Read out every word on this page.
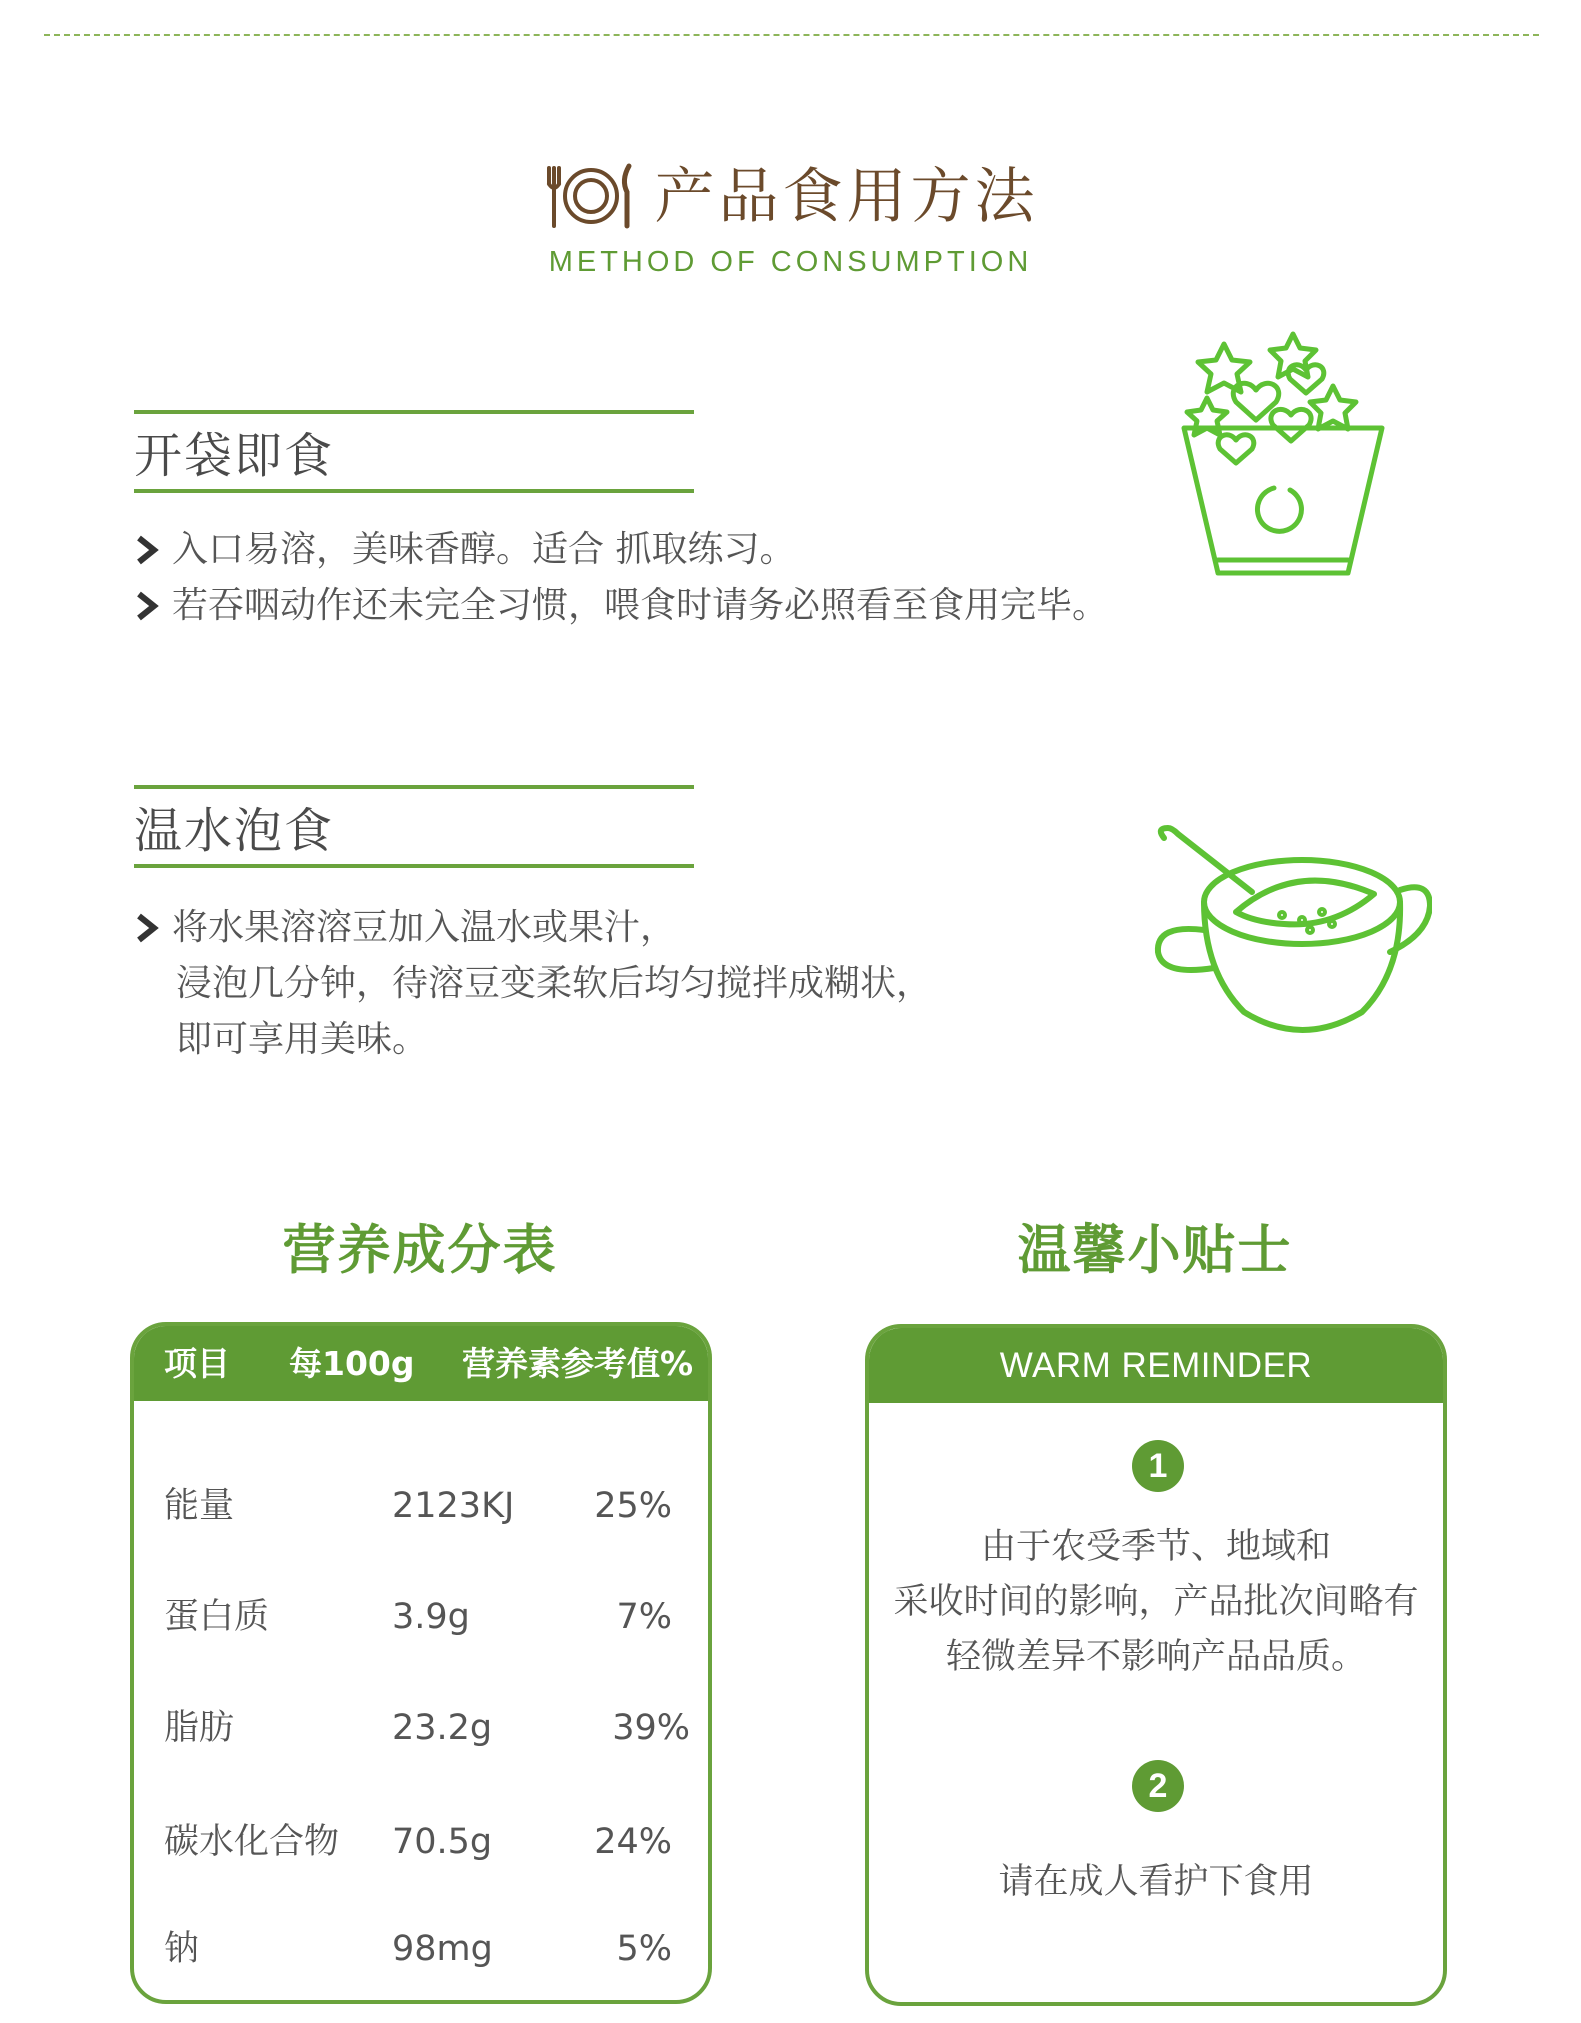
产品食用方法
METHOD OF CONSUMPTION
开袋即食
入口易溶，美味香醇。适合 抓取练习。
若吞咽动作还未完全习惯，喂食时请务必照看至食用完毕。
温水泡食
将水果溶溶豆加入温水或果汁，
浸泡几分钟，待溶豆变柔软后均匀搅拌成糊状，
即可享用美味。
营养成分表	温馨小贴士
项目 每100g 营养素参考值%
能量	2123KJ 25%
蛋白质	3.9g	7%
脂肪	23.2g	39%
碳水化合物 70.5g	24%
钠	98mg	5%
WARM REMINDER
1
由于农受季节、地域和
采收时间的影响，产品批次间略有
轻微差异不影响产品品质。
2
请在成人看护下食用
